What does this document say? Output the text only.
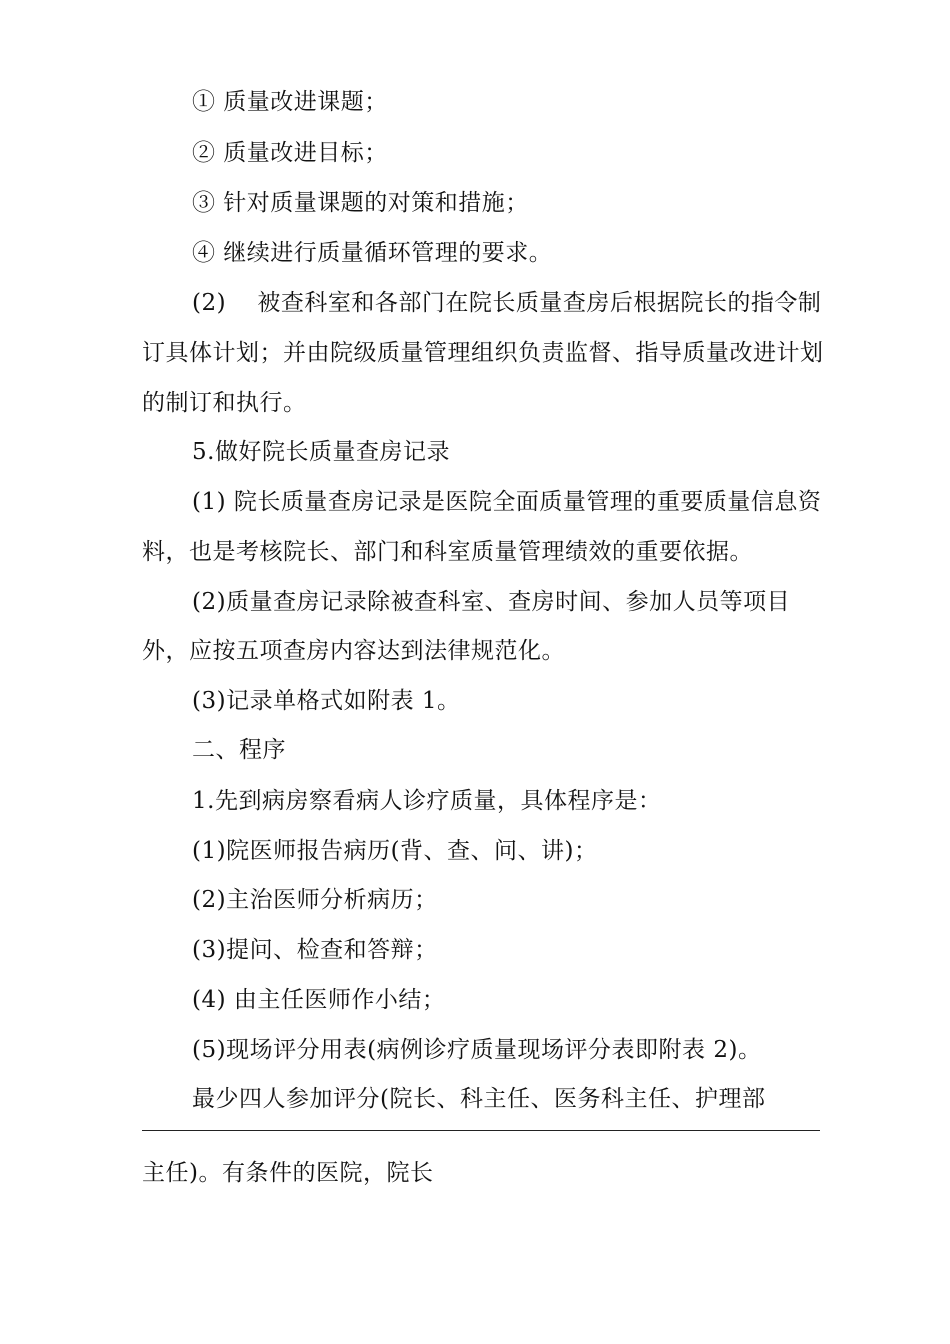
① 质量改进课题；
② 质量改进目标；
③ 针对质量课题的对策和措施；
④ 继续进行质量循环管理的要求。
(2)　 被查科室和各部门在院长质量查房后根据院长的指令制
订具体计划；并由院级质量管理组织负责监督、指导质量改进计划
的制订和执行。
5.做好院长质量查房记录
(1) 院长质量查房记录是医院全面质量管理的重要质量信息资
料，也是考核院长、部门和科室质量管理绩效的重要依据。
(2)质量查房记录除被查科室、查房时间、参加人员等项目
外，应按五项查房内容达到法律规范化。
(3)记录单格式如附表 1。
二、程序
1.先到病房察看病人诊疗质量，具体程序是：
(1)院医师报告病历(背、查、问、讲)；
(2)主治医师分析病历；
(3)提问、检查和答辩；
(4) 由主任医师作小结；
(5)现场评分用表(病例诊疗质量现场评分表即附表 2)。
最少四人参加评分(院长、科主任、医务科主任、护理部
主任)。有条件的医院，院长
